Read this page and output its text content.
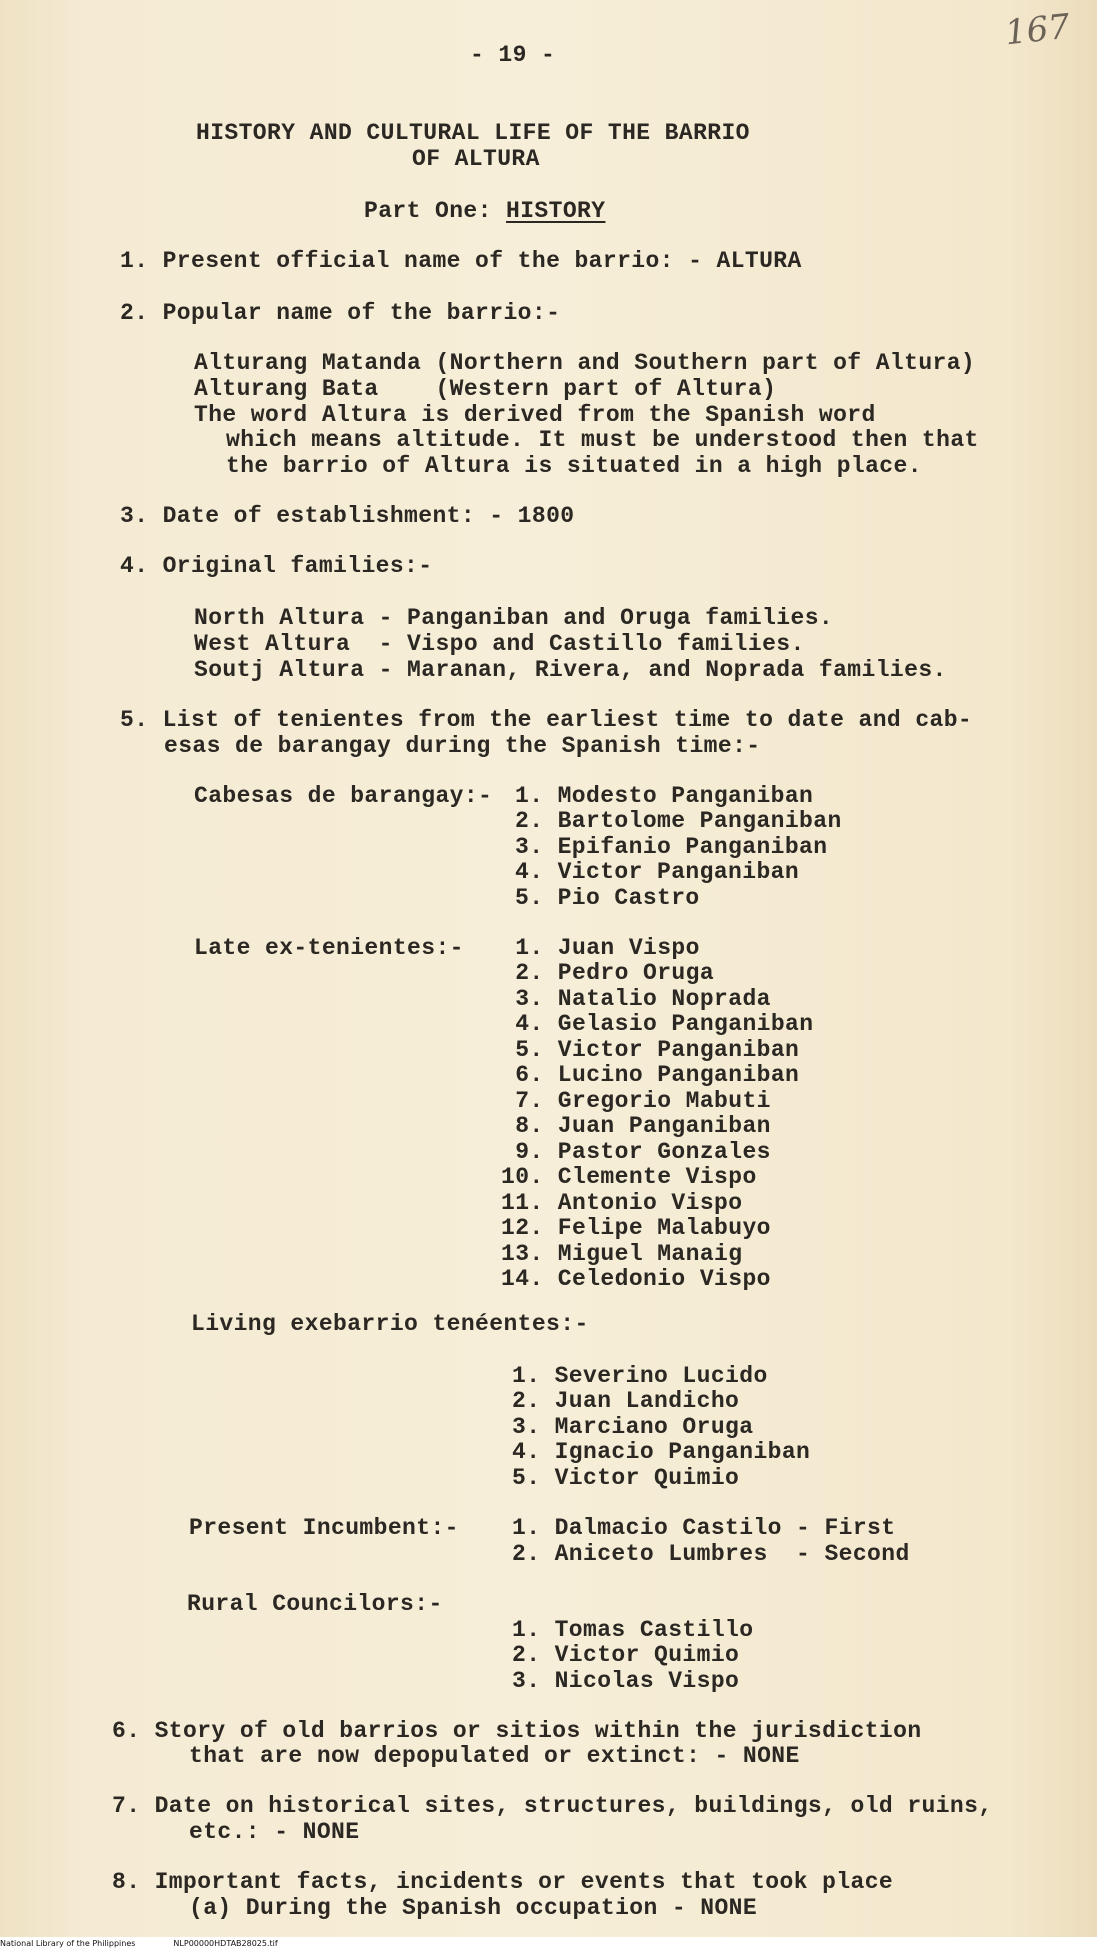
167
- 19 -
HISTORY AND CULTURAL LIFE OF THE BARRIO
OF ALTURA
Part One: HISTORY
1. Present official name of the barrio: - ALTURA
2. Popular name of the barrio:-
Alturang Matanda (Northern and Southern part of Altura)
Alturang Bata    (Western part of Altura)
The word Altura is derived from the Spanish word
which means altitude. It must be understood then that
the barrio of Altura is situated in a high place.
3. Date of establishment: - 1800
4. Original families:-
North Altura - Panganiban and Oruga families.
West Altura  - Vispo and Castillo families.
Soutj Altura - Maranan, Rivera, and Noprada families.
5. List of tenientes from the earliest time to date and cab-
esas de barangay during the Spanish time:-
Cabesas de barangay:- 1. Modesto Panganiban
2. Bartolome Panganiban
3. Epifanio Panganiban
4. Victor Panganiban
5. Pio Castro
Late ex-tenientes:- 1. Juan Vispo
2. Pedro Oruga
3. Natalio Noprada
4. Gelasio Panganiban
5. Victor Panganiban
6. Lucino Panganiban
7. Gregorio Mabuti
8. Juan Panganiban
9. Pastor Gonzales
10. Clemente Vispo
11. Antonio Vispo
12. Felipe Malabuyo
13. Miguel Manaig
14. Celedonio Vispo
Living exebarrio tenéentes:-
1. Severino Lucido
2. Juan Landicho
3. Marciano Oruga
4. Ignacio Panganiban
5. Victor Quimio
Present Incumbent:- 1. Dalmacio Castilo - First
2. Aniceto Lumbres  - Second
Rural Councilors:-
1. Tomas Castillo
2. Victor Quimio
3. Nicolas Vispo
6. Story of old barrios or sitios within the jurisdiction
that are now depopulated or extinct: - NONE
7. Date on historical sites, structures, buildings, old ruins,
etc.: - NONE
8. Important facts, incidents or events that took place
(a) During the Spanish occupation - NONE
National Library of the Philippines	NLP00000HDTAB28025.tif
